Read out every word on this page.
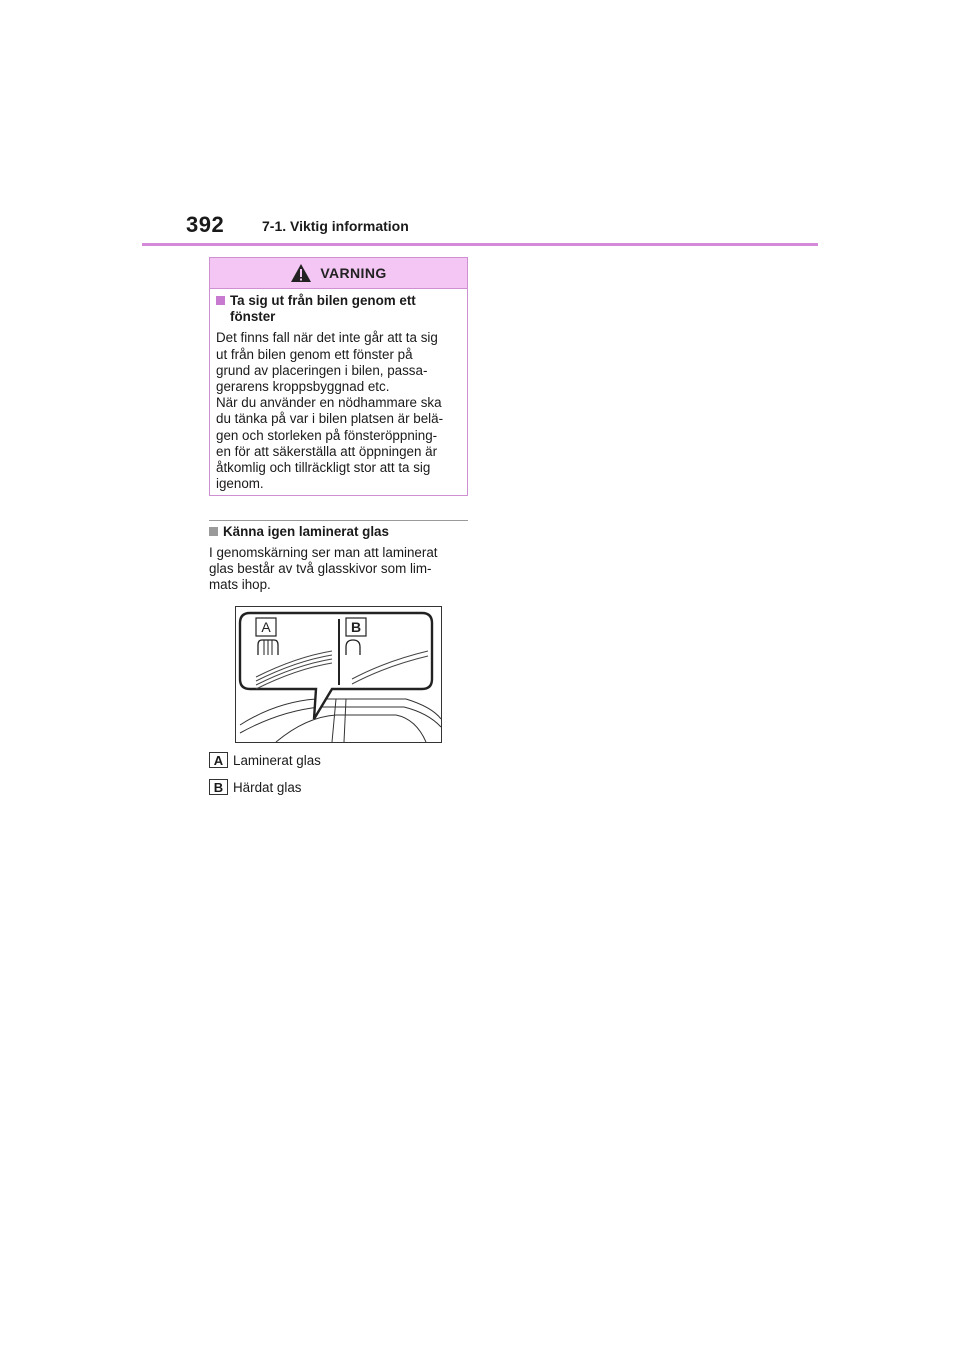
392	7-1. Viktig information
VARNING
Ta sig ut från bilen genom ett fönster
Det finns fall när det inte går att ta sig
ut från bilen genom ett fönster på
grund av placeringen i bilen, passa-
gerarens kroppsbyggnad etc.
När du använder en nödhammare ska
du tänka på var i bilen platsen är belä-
gen och storleken på fönsteröppning-
en för att säkerställa att öppningen är
åtkomlig och tillräckligt stor att ta sig
igenom.
Känna igen laminerat glas
I genomskärning ser man att laminerat
glas består av två glasskivor som lim-
mats ihop.
A	B
A Laminerat glas
B Härdat glas
